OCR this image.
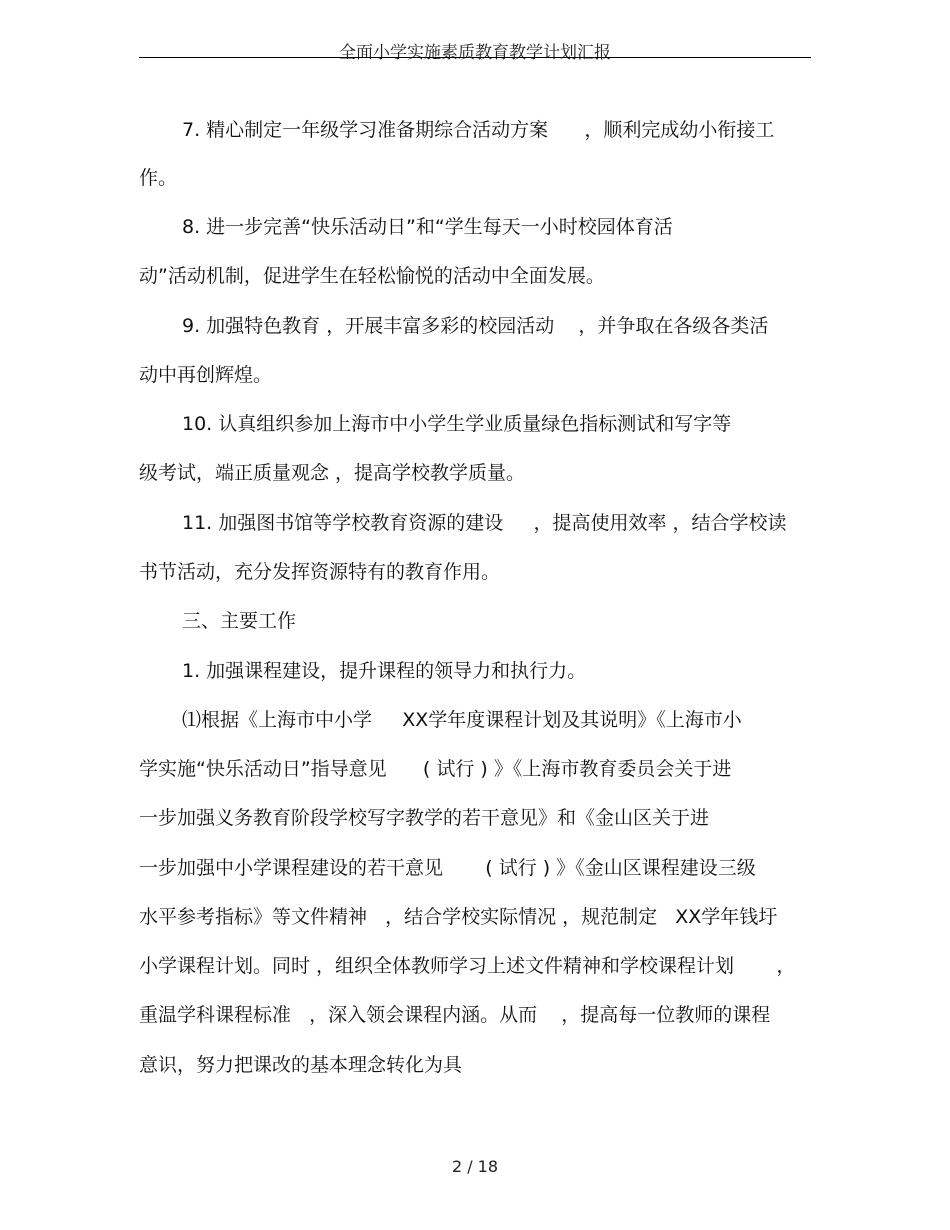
全面小学实施素质教育教学计划汇报
7. 精心制定一年级学习准备期综合活动方案      ，顺利完成幼小衔接工
作。
8. 进一步完善“快乐活动日”和“学生每天一小时校园体育活
动”活动机制，促进学生在轻松愉悦的活动中全面发展。
9. 加强特色教育 ，开展丰富多彩的校园活动    ，并争取在各级各类活
动中再创辉煌。
10. 认真组织参加上海市中小学生学业质量绿色指标测试和写字等
级考试，端正质量观念 ，提高学校教学质量。
11. 加强图书馆等学校教育资源的建设     ，提高使用效率 ，结合学校读
书节活动，充分发挥资源特有的教育作用。
三、主要工作
1. 加强课程建设，提升课程的领导力和执行力。
⑴根据《上海市中小学     XX学年度课程计划及其说明》《上海市小
学实施“快乐活动日”指导意见      ( 试行 ) 》《上海市教育委员会关于进
一步加强义务教育阶段学校写字教学的若干意见》和《金山区关于进
一步加强中小学课程建设的若干意见       ( 试行 ) 》《金山区课程建设三级
水平参考指标》等文件精神   ，结合学校实际情况 ，规范制定   XX学年钱圩
小学课程计划。同时 ，组织全体教师学习上述文件精神和学校课程计划       ，
重温学科课程标准   ，深入领会课程内涵。从而    ，提高每一位教师的课程
意识，努力把课改的基本理念转化为具
2 / 18
